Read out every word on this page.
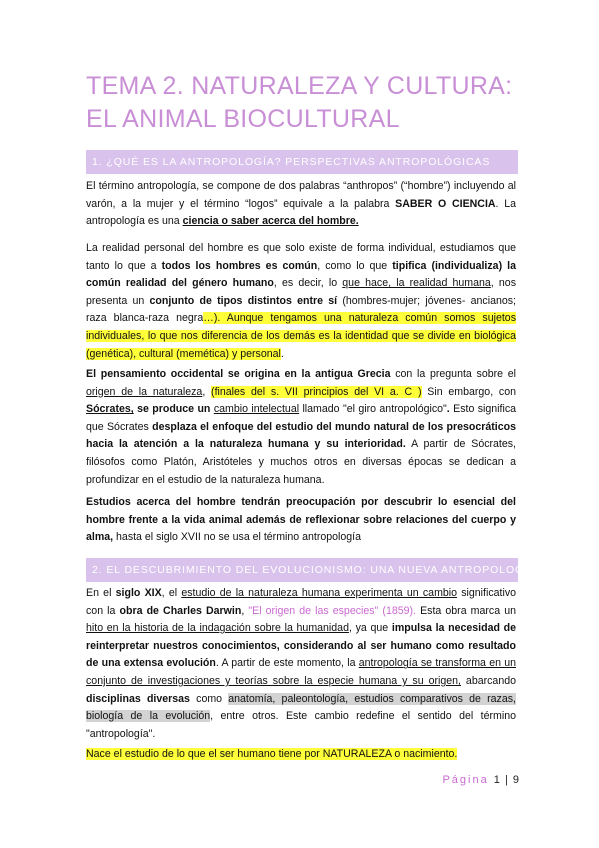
TEMA 2. NATURALEZA Y CULTURA: EL ANIMAL BIOCULTURAL
1. ¿QUÉ ES LA ANTROPOLOGÍA? PERSPECTIVAS ANTROPOLÓGICAS
El término antropología, se compone de dos palabras “anthropos” (“hombre”) incluyendo al varón, a la mujer y el término “logos” equivale a la palabra SABER O CIENCIA. La antropología es una ciencia o saber acerca del hombre.
La realidad personal del hombre es que solo existe de forma individual, estudiamos que tanto lo que a todos los hombres es común, como lo que tipifica (individualiza) la común realidad del género humano, es decir, lo que hace, la realidad humana, nos presenta un conjunto de tipos distintos entre sí (hombres-mujer; jóvenes- ancianos; raza blanca-raza negra…). Aunque tengamos una naturaleza común somos sujetos individuales, lo que nos diferencia de los demás es la identidad que se divide en biológica (genética), cultural (memética) y personal.
El pensamiento occidental se origina en la antigua Grecia con la pregunta sobre el origen de la naturaleza, (finales del s. VII principios del VI a. C ) Sin embargo, con Sócrates, se produce un cambio intelectual llamado "el giro antropológico". Esto significa que Sócrates desplaza el enfoque del estudio del mundo natural de los presocráticos hacia la atención a la naturaleza humana y su interioridad. A partir de Sócrates, filósofos como Platón, Aristóteles y muchos otros en diversas épocas se dedican a profundizar en el estudio de la naturaleza humana.
Estudios acerca del hombre tendrán preocupación por descubrir lo esencial del hombre frente a la vida animal además de reflexionar sobre relaciones del cuerpo y alma, hasta el siglo XVII no se usa el término antropología
2. EL DESCUBRIMIENTO DEL EVOLUCIONISMO: UNA NUEVA ANTROPOLOGÍA
En el siglo XIX, el estudio de la naturaleza humana experimenta un cambio significativo con la obra de Charles Darwin, "El origen de las especies" (1859). Esta obra marca un hito en la historia de la indagación sobre la humanidad, ya que impulsa la necesidad de reinterpretar nuestros conocimientos, considerando al ser humano como resultado de una extensa evolución. A partir de este momento, la antropología se transforma en un conjunto de investigaciones y teorías sobre la especie humana y su origen, abarcando disciplinas diversas como anatomía, paleontología, estudios comparativos de razas, biología de la evolución, entre otros. Este cambio redefine el sentido del término "antropología".
Nace el estudio de lo que el ser humano tiene por NATURALEZA o nacimiento.
Página 1 | 9
